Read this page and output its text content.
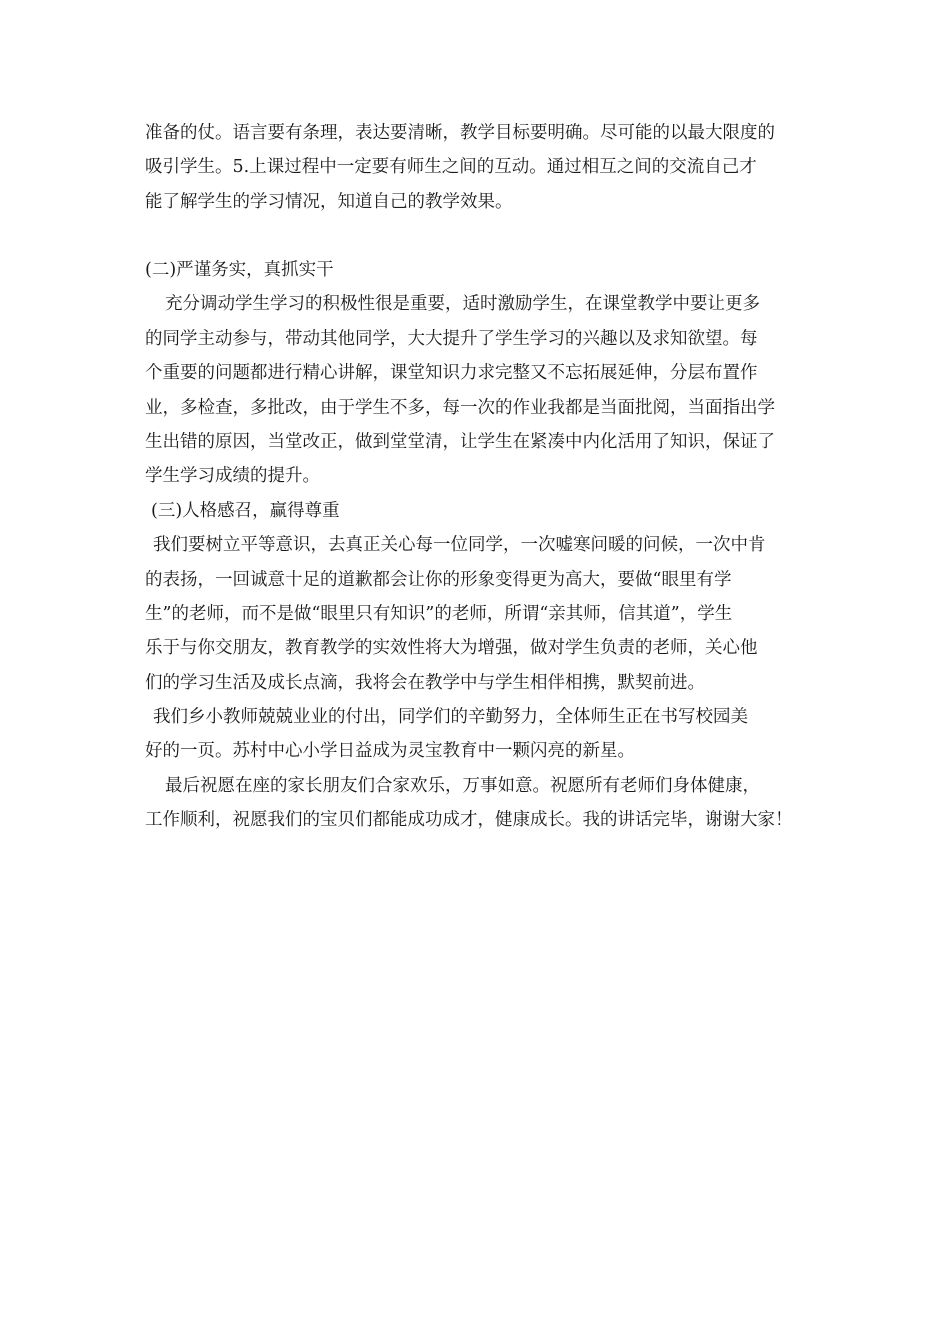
准备的仗。语言要有条理，表达要清晰，教学目标要明确。尽可能的以最大限度的
吸引学生。5.上课过程中一定要有师生之间的互动。通过相互之间的交流自己才
能了解学生的学习情况，知道自己的教学效果。
(二)严谨务实，真抓实干
充分调动学生学习的积极性很是重要，适时激励学生，在课堂教学中要让更多
的同学主动参与，带动其他同学，大大提升了学生学习的兴趣以及求知欲望。每
个重要的问题都进行精心讲解，课堂知识力求完整又不忘拓展延伸，分层布置作
业，多检查，多批改，由于学生不多，每一次的作业我都是当面批阅，当面指出学
生出错的原因，当堂改正，做到堂堂清，让学生在紧凑中内化活用了知识，保证了
学生学习成绩的提升。
(三)人格感召，赢得尊重
我们要树立平等意识，去真正关心每一位同学，一次嘘寒问暖的问候，一次中肯
的表扬，一回诚意十足的道歉都会让你的形象变得更为高大，要做“眼里有学
生”的老师，而不是做“眼里只有知识”的老师，所谓“亲其师，信其道”，学生
乐于与你交朋友，教育教学的实效性将大为增强，做对学生负责的老师，关心他
们的学习生活及成长点滴，我将会在教学中与学生相伴相携，默契前进。
我们乡小教师兢兢业业的付出，同学们的辛勤努力，全体师生正在书写校园美
好的一页。苏村中心小学日益成为灵宝教育中一颗闪亮的新星。
最后祝愿在座的家长朋友们合家欢乐，万事如意。祝愿所有老师们身体健康，
工作顺利，祝愿我们的宝贝们都能成功成才，健康成长。我的讲话完毕，谢谢大家！
